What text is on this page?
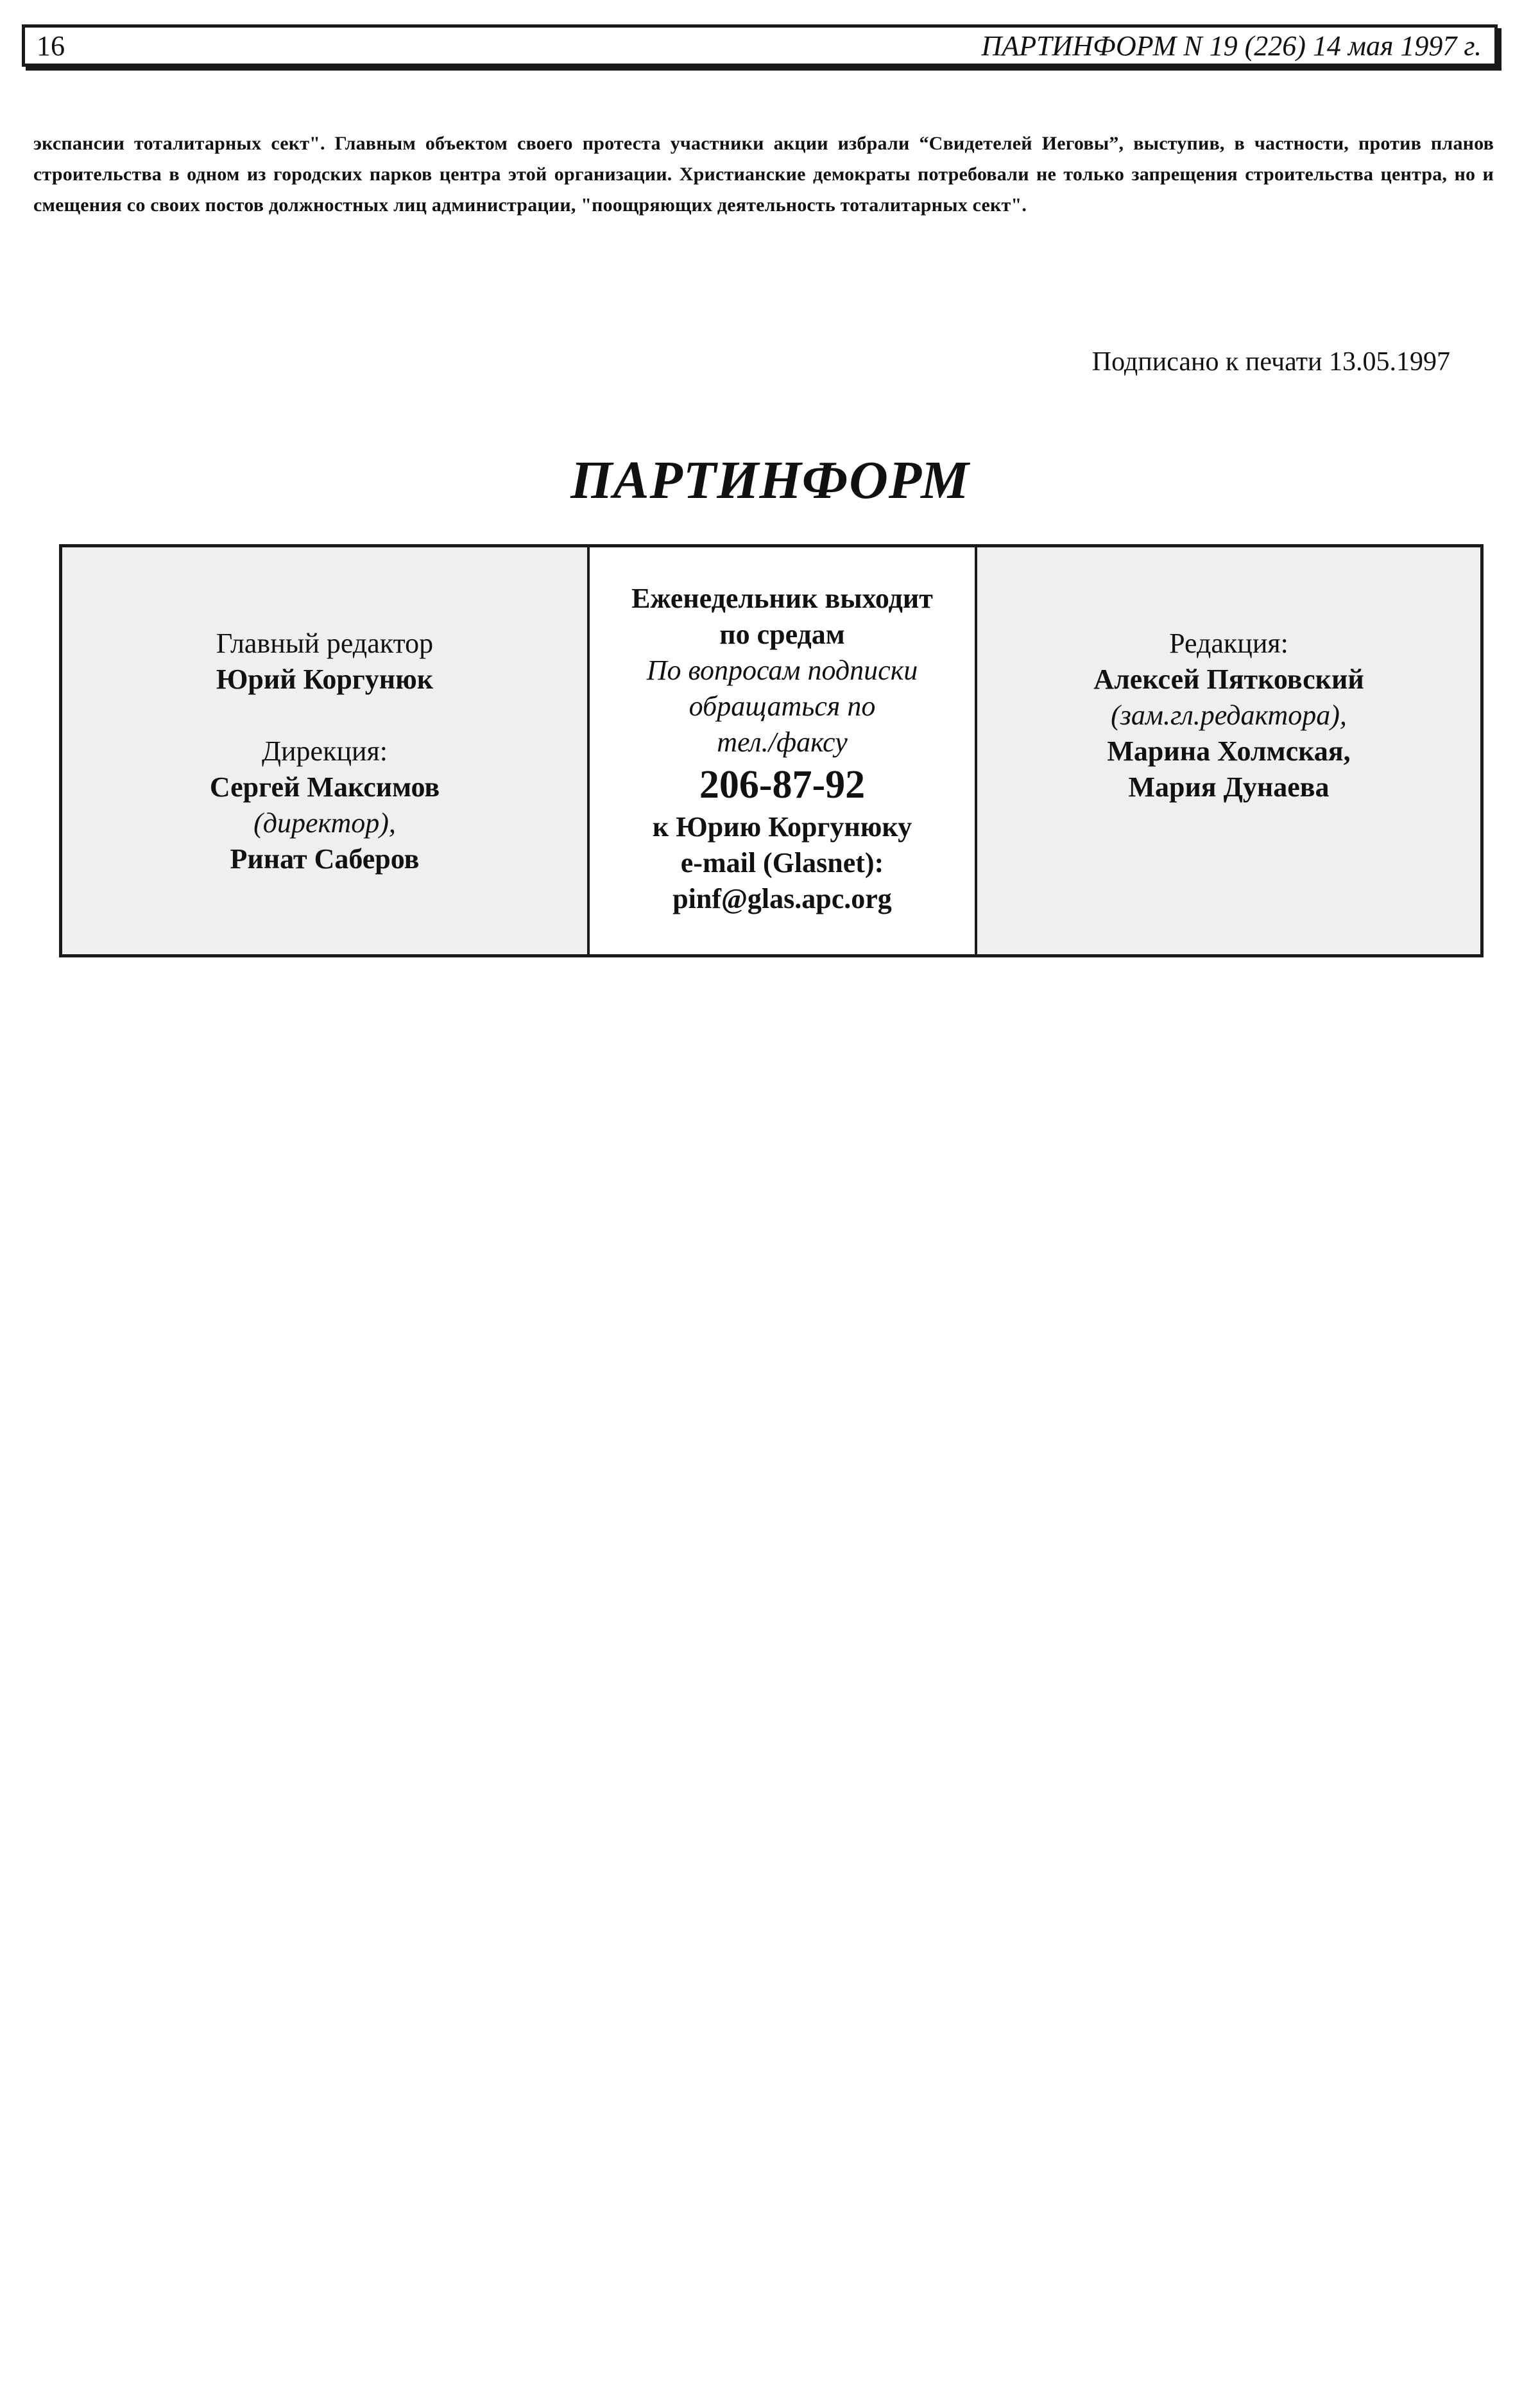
16	ПАРТИНФОРМ N 19 (226) 14 мая 1997 г.
экспансии тоталитарных сект". Главным объектом своего протеста участники акции избрали “Свидетелей Иеговы”, выступив, в частности, против планов строительства в одном из городских парков центра этой организации. Христианские демократы потребовали не только запрещения строительства центра, но и смещения со своих постов должностных лиц администрации, "поощряющих деятельность тоталитарных сект".
Подписано к печати 13.05.1997
ПАРТИНФОРМ
Главный редактор
Юрий Коргунюк
Дирекция:
Сергей Максимов
(директор),
Ринат Саберов
Еженедельник выходит
по средам
По вопросам подписки
обращаться по
тел./факсу
206-87-92
к Юрию Коргунюку
e-mail (Glasnet):
pinf@glas.apc.org
Редакция:
Алексей Пятковский
(зам.гл.редактора),
Марина Холмская,
Мария Дунаева
